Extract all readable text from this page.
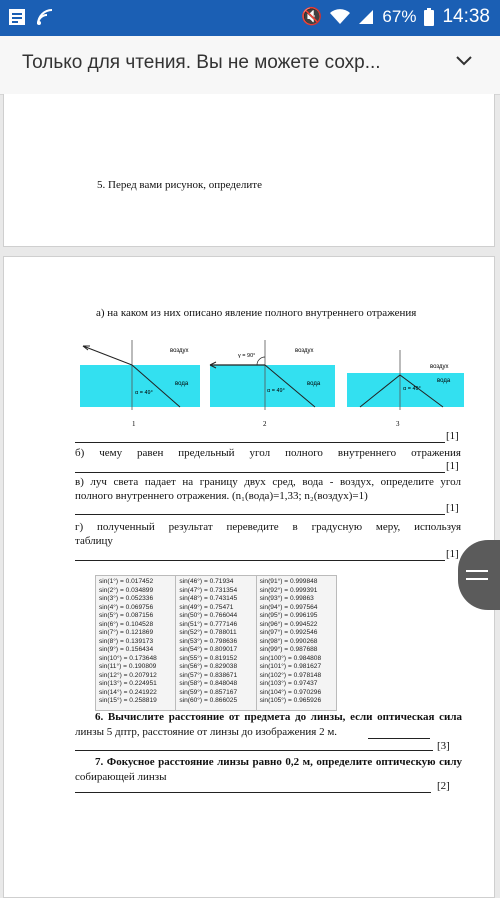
🔇	67% 14:38
Только для чтения. Вы не можете сохр...
5. Перед вами рисунок, определите
а) на каком из них описано явление полного внутреннего отражения
воздух
вода
α = 49°
1
γ = 90°
воздух
вода
α = 49°
2
воздух
вода
α = 49°
3
[1]
б) чему равен предельный угол полного внутреннего отражения
[1]
в) луч света падает на границу двух сред, вода - воздух, определите угол
полного внутреннего отражения. (n₁(вода)=1,33; n₂(воздух)=1)
[1]
г) полученный результат переведите в градусную меру, используя
таблицу
[1]
sin(1°) = 0.017452
sin(2°) = 0.034899
sin(3°) = 0.052336
sin(4°) = 0.069756
sin(5°) = 0.087156
sin(6°) = 0.104528
sin(7°) = 0.121869
sin(8°) = 0.139173
sin(9°) = 0.156434
sin(10°) = 0.173648
sin(11°) = 0.190809
sin(12°) = 0.207912
sin(13°) = 0.224951
sin(14°) = 0.241922
sin(15°) = 0.258819
sin(46°) = 0.71934
sin(47°) = 0.731354
sin(48°) = 0.743145
sin(49°) = 0.75471
sin(50°) = 0.766044
sin(51°) = 0.777146
sin(52°) = 0.788011
sin(53°) = 0.798636
sin(54°) = 0.809017
sin(55°) = 0.819152
sin(56°) = 0.829038
sin(57°) = 0.838671
sin(58°) = 0.848048
sin(59°) = 0.857167
sin(60°) = 0.866025
sin(91°) = 0.999848
sin(92°) = 0.999391
sin(93°) = 0.99863
sin(94°) = 0.997564
sin(95°) = 0.996195
sin(96°) = 0.994522
sin(97°) = 0.992546
sin(98°) = 0.990268
sin(99°) = 0.987688
sin(100°) = 0.984808
sin(101°) = 0.981627
sin(102°) = 0.978148
sin(103°) = 0.97437
sin(104°) = 0.970296
sin(105°) = 0.965926
6. Вычислите расстояние от предмета до линзы, если оптическая сила
линзы 5 дптр, расстояние от линзы до изображения 2 м.
[3]
7. Фокусное расстояние линзы равно 0,2 м, определите оптическую силу
собирающей линзы
[2]
